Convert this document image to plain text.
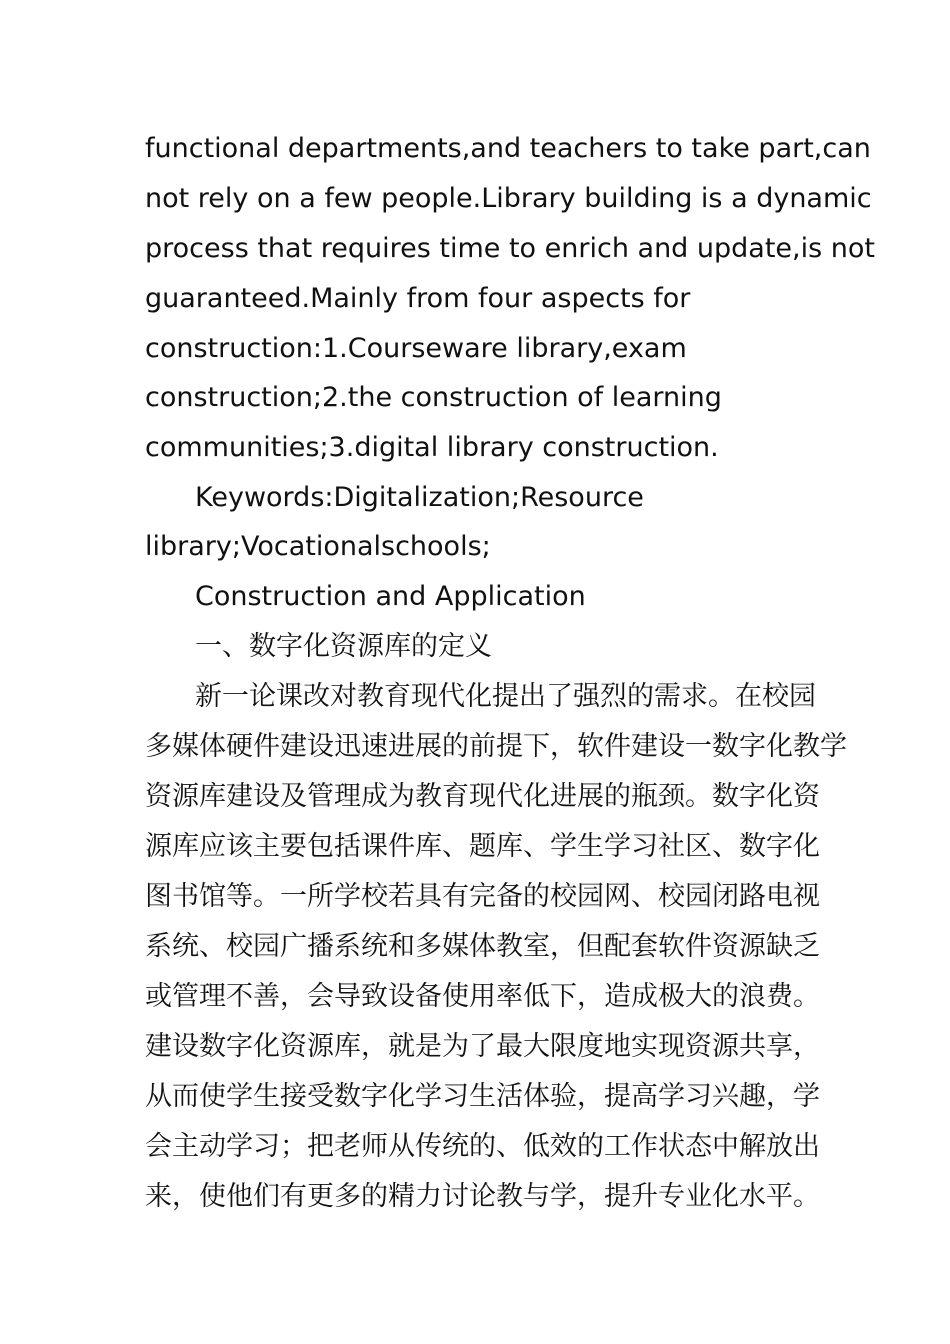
functional departments,and teachers to take part,can
not rely on a few people.Library building is a dynamic
process that requires time to enrich and update,is not
guaranteed.Mainly from four aspects for
construction:1.Courseware library,exam
construction;2.the construction of learning
communities;3.digital library construction.
Keywords:Digitalization;Resource
library;Vocationalschools;
Construction and Application
一、数字化资源库的定义
新一论课改对教育现代化提出了强烈的需求。在校园
多媒体硬件建设迅速进展的前提下，软件建设一数字化教学
资源库建设及管理成为教育现代化进展的瓶颈。数字化资
源库应该主要包括课件库、题库、学生学习社区、数字化
图书馆等。一所学校若具有完备的校园网、校园闭路电视
系统、校园广播系统和多媒体教室，但配套软件资源缺乏
或管理不善，会导致设备使用率低下，造成极大的浪费。
建设数字化资源库，就是为了最大限度地实现资源共享，
从而使学生接受数字化学习生活体验，提高学习兴趣，学
会主动学习；把老师从传统的、低效的工作状态中解放出
来，使他们有更多的精力讨论教与学，提升专业化水平。
